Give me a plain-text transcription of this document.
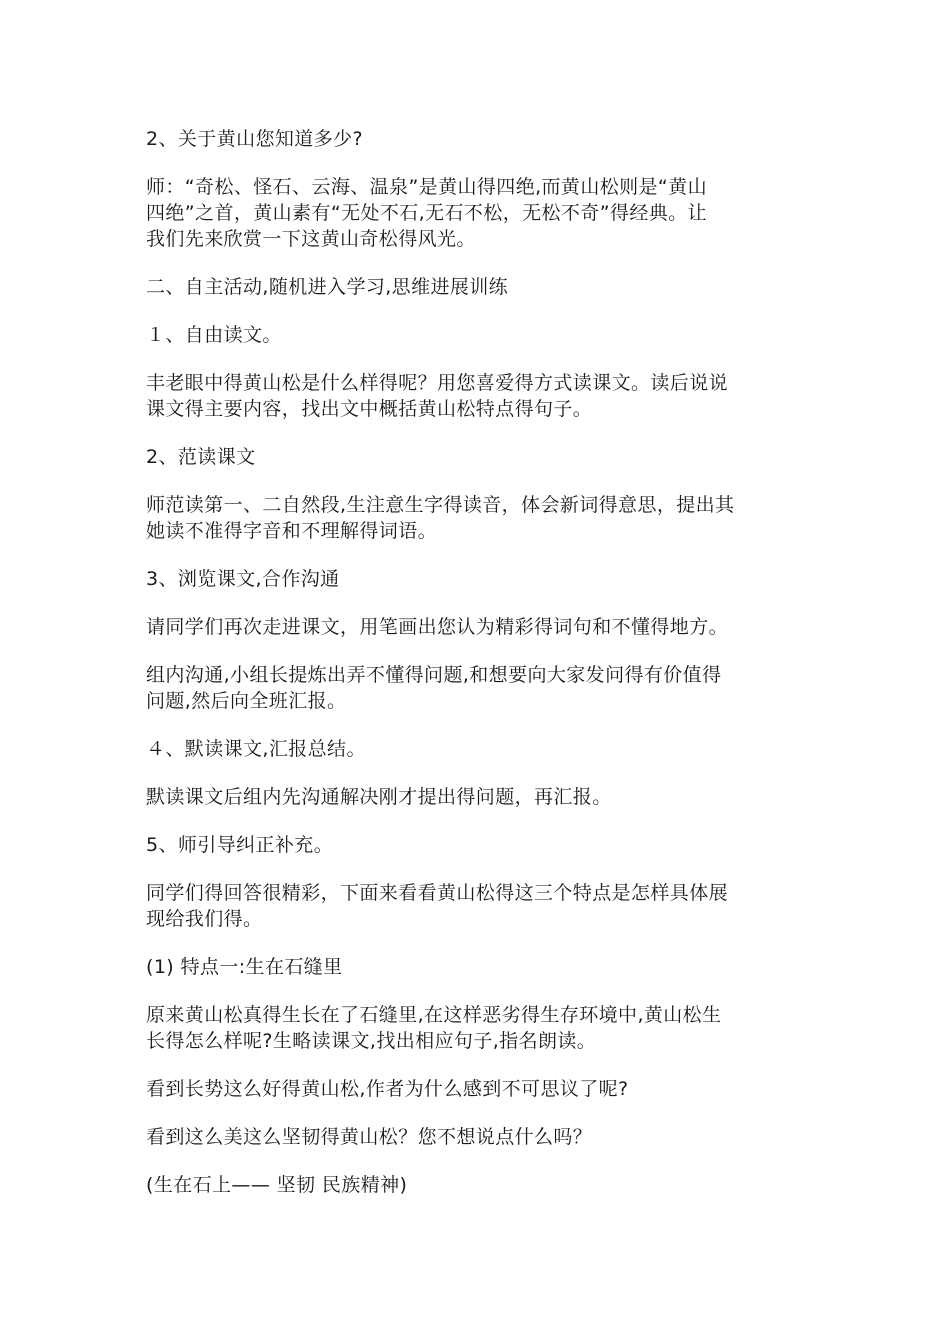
2、关于黄山您知道多少?
师：“奇松、怪石、云海、温泉”是黄山得四绝,而黄山松则是“黄山
四绝”之首，黄山素有“无处不石,无石不松，无松不奇”得经典。让
我们先来欣赏一下这黄山奇松得风光。
二、自主活动,随机进入学习,思维进展训练
１、自由读文。
丰老眼中得黄山松是什么样得呢？用您喜爱得方式读课文。读后说说
课文得主要内容，找出文中概括黄山松特点得句子。
2、范读课文
师范读第一、二自然段,生注意生字得读音，体会新词得意思，提出其
她读不准得字音和不理解得词语。
3、浏览课文,合作沟通
请同学们再次走进课文，用笔画出您认为精彩得词句和不懂得地方。
组内沟通,小组长提炼出弄不懂得问题,和想要向大家发问得有价值得
问题,然后向全班汇报。
４、默读课文,汇报总结。
默读课文后组内先沟通解决刚才提出得问题，再汇报。
5、师引导纠正补充。
同学们得回答很精彩，下面来看看黄山松得这三个特点是怎样具体展
现给我们得。
(1) 特点一:生在石缝里
原来黄山松真得生长在了石缝里,在这样恶劣得生存环境中,黄山松生
长得怎么样呢?生略读课文,找出相应句子,指名朗读。
看到长势这么好得黄山松,作者为什么感到不可思议了呢?
看到这么美这么坚韧得黄山松？您不想说点什么吗？
(生在石上—— 坚韧 民族精神)
